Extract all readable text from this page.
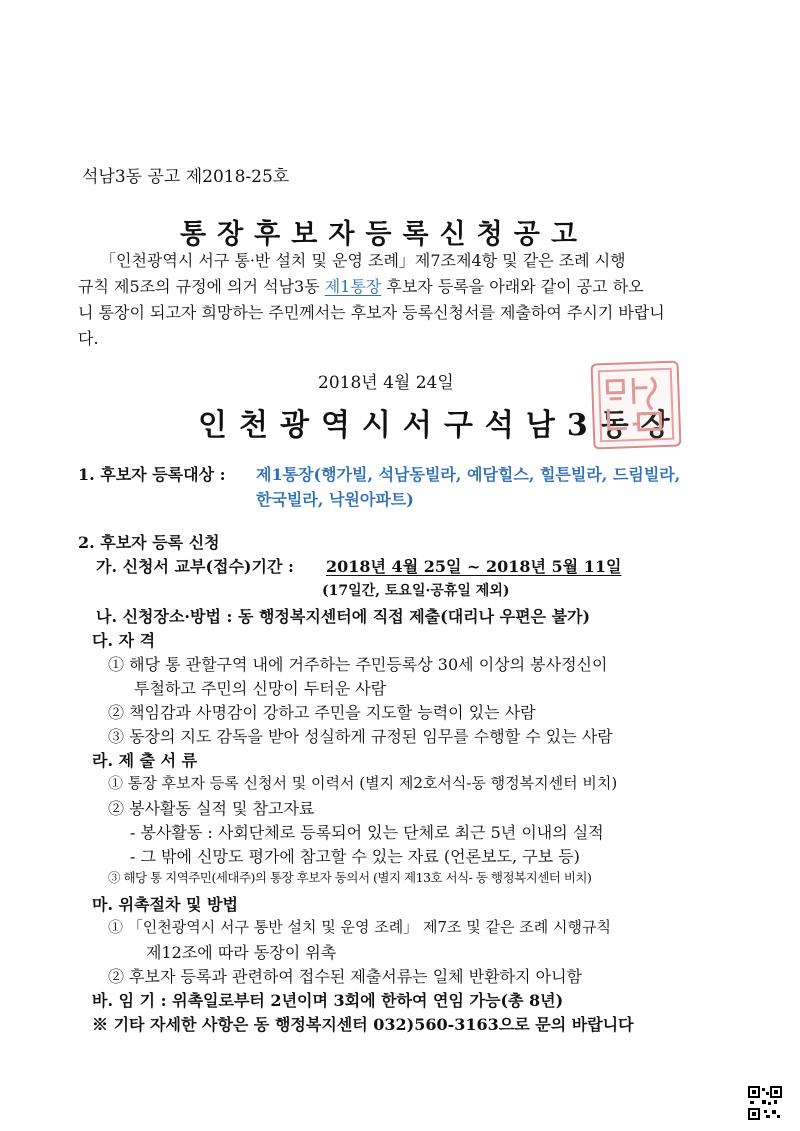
석남3동 공고 제2018-25호
통장후보자등록신청공고
「인천광역시 서구 통·반 설치 및 운영 조례」제7조제4항 및 같은 조례 시행
규칙 제5조의 규정에 의거 석남3동 제1통장 후보자 등록을 아래와 같이 공고 하오
니 통장이 되고자 희망하는 주민께서는 후보자 등록신청서를 제출하여 주시기 바랍니
다.
2018년 4월 24일
인천광역시서구석남3동장
1. 후보자 등록대상 : 제1통장(행가빌, 석남동빌라, 예담힐스, 힐튼빌라, 드림빌라,
한국빌라, 낙원아파트)
2. 후보자 등록 신청
가. 신청서 교부(접수)기간 : 2018년 4월 25일 ~ 2018년 5월 11일
(17일간, 토요일·공휴일 제외)
나. 신청장소·방법 : 동 행정복지센터에 직접 제출(대리나 우편은 불가)
다. 자 격
① 해당 통 관할구역 내에 거주하는 주민등록상 30세 이상의 봉사정신이
투철하고 주민의 신망이 두터운 사람
② 책임감과 사명감이 강하고 주민을 지도할 능력이 있는 사람
③ 동장의 지도 감독을 받아 성실하게 규정된 임무를 수행할 수 있는 사람
라. 제 출 서 류
① 통장 후보자 등록 신청서 및 이력서 (별지 제2호서식-동 행정복지센터 비치)
② 봉사활동 실적 및 참고자료
- 봉사활동 : 사회단체로 등록되어 있는 단체로 최근 5년 이내의 실적
- 그 밖에 신망도 평가에 참고할 수 있는 자료 (언론보도, 구보 등)
③ 해당 통 지역주민(세대주)의 통장 후보자 동의서 (별지 제13호 서식- 동 행정복지센터 비치)
마. 위촉절차 및 방법
① 「인천광역시 서구 통반 설치 및 운영 조례」 제7조 및 같은 조례 시행규칙
제12조에 따라 동장이 위촉
② 후보자 등록과 관련하여 접수된 제출서류는 일체 반환하지 아니함
바. 임 기 : 위촉일로부터 2년이며 3회에 한하여 연임 가능(총 8년)
※ 기타 자세한 사항은 동 행정복지센터 032)560-3163으로 문의 바랍니다
